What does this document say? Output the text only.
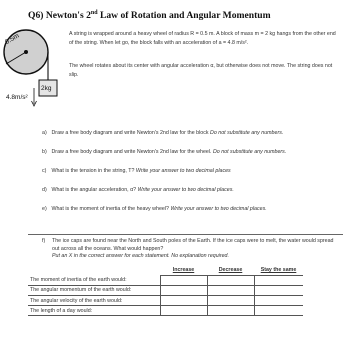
Q6) Newton's 2nd Law of Rotation and Angular Momentum
0.5m
2kg
4.8m/s²
A string is wrapped around a heavy wheel of radius R = 0.5 m. A block of mass m = 2 kg hangs from the other end of the string. When let go, the block falls with an acceleration of a = 4.8 m/s².
The wheel rotates about its center with angular acceleration α, but otherwise does not move. The string does not slip.
a) Draw a free body diagram and write Newton's 2nd law for the block Do not substitute any numbers.
b) Draw a free body diagram and write Newton's 2nd law for the wheel. Do not substitute any numbers.
c) What is the tension in the string, T? Write your answer to two decimal places
d) What is the angular acceleration, α? Write your answer to two decimal places.
e) What is the moment of inertia of the heavy wheel? Write your answer to two decimal places.
f) The ice caps are found near the North and South poles of the Earth. If the ice caps were to melt, the water would spread out across all the oceans. What would happen?
Put an X in the correct answer for each statement. No explanation required.
	Increase	Decrease	Stay the same
The moment of inertia of the earth would:			
The angular momentum of the earth would:			
The angular velocity of the earth would:			
The length of a day would:			
